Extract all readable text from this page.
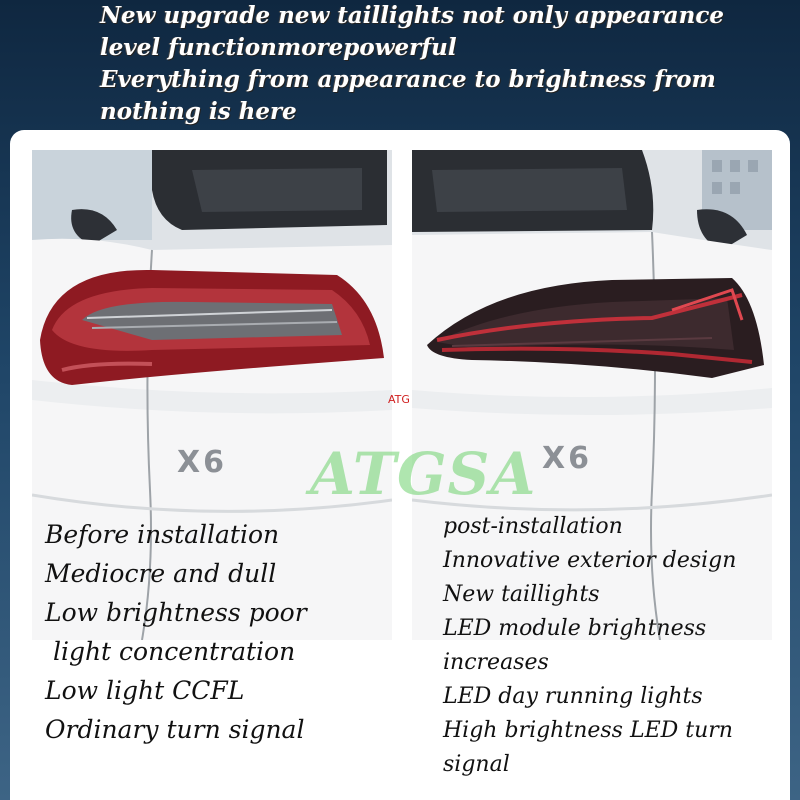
New upgrade new taillights not only appearance
level functionmorepowerful
Everything from appearance to brightness from
nothing is here
X6	X6
ATG
ATGSA
Before installation
Mediocre and dull
Low brightness poor
light concentration
Low light CCFL
Ordinary turn signal
post-installation
Innovative exterior design
New taillights
LED module brightness
increases
LED day running lights
High brightness LED turn
signal
